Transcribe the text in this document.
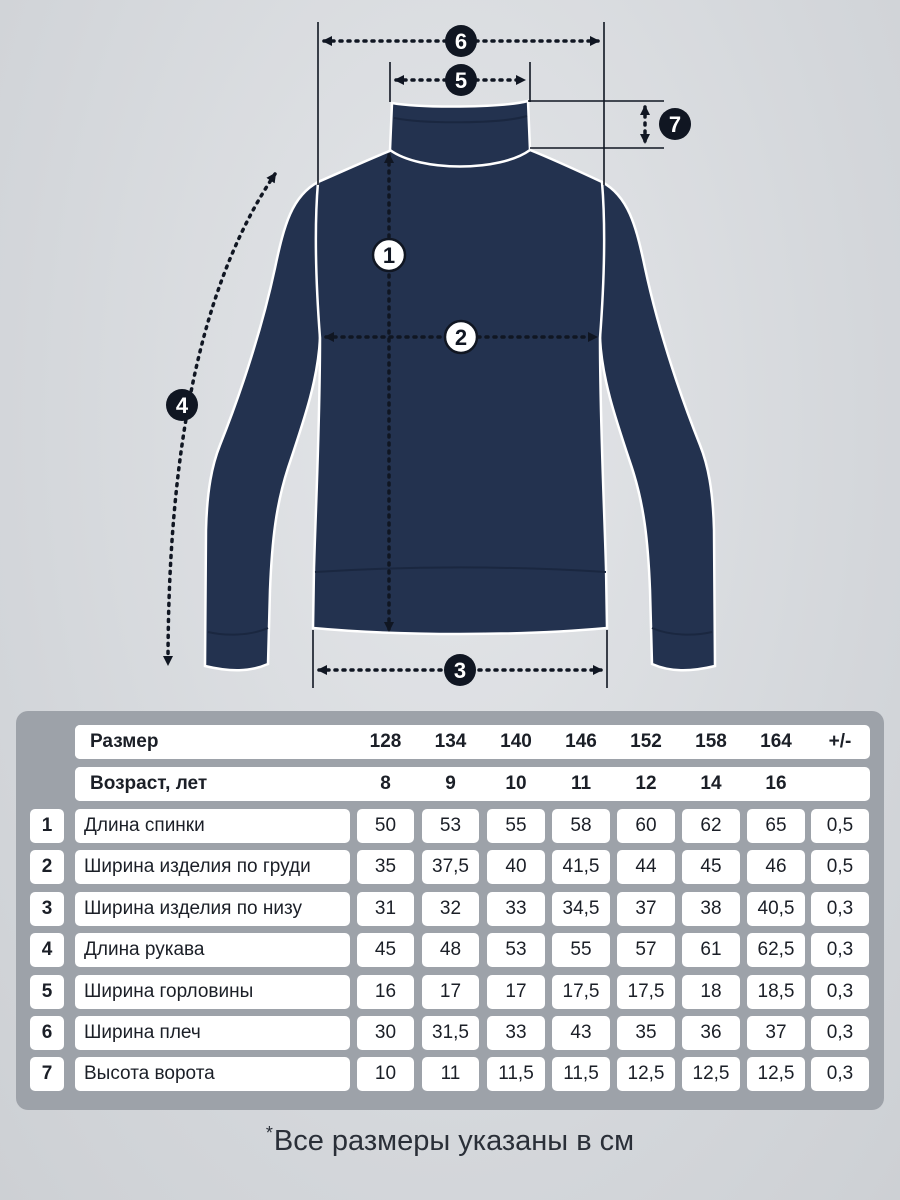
6
5
7
1
2
3
4
Размер	128	134	140	146	152	158	164	+/-
Возраст, лет	8	9	10	11	12	14	16
1	Длина спинки	50	53	55	58	60	62	65	0,5
2	Ширина изделия по груди	35	37,5	40	41,5	44	45	46	0,5
3	Ширина изделия по низу	31	32	33	34,5	37	38	40,5	0,3
4	Длина рукава	45	48	53	55	57	61	62,5	0,3
5	Ширина горловины	16	17	17	17,5	17,5	18	18,5	0,3
6	Ширина плеч	30	31,5	33	43	35	36	37	0,3
7	Высота ворота	10	11	11,5	11,5	12,5	12,5	12,5	0,3
*Все размеры указаны в см
